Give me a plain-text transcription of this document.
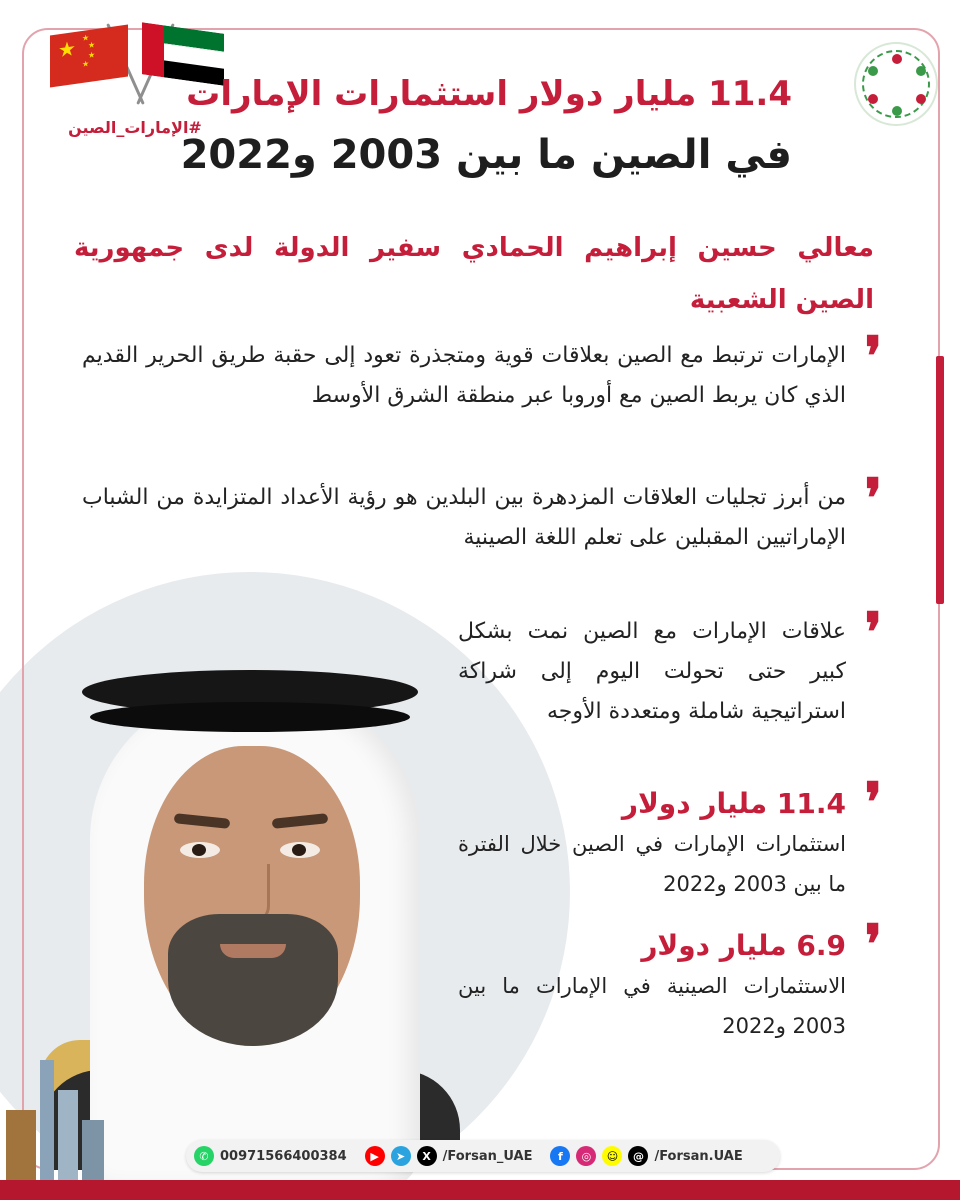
★ ★
★
★
★
#الإمارات_الصين
11.4 مليار دولار استثمارات الإمارات
في الصين ما بين 2003 و2022
معالي حسين إبراهيم الحمادي سفير الدولة لدى جمهورية الصين الشعبية
❜
الإمارات ترتبط مع الصين بعلاقات قوية ومتجذرة تعود إلى حقبة طريق الحرير القديم الذي كان يربط الصين مع أوروبا عبر منطقة الشرق الأوسط
❜
من أبرز تجليات العلاقات المزدهرة بين البلدين هو رؤية الأعداد المتزايدة من الشباب الإماراتيين المقبلين على تعلم اللغة الصينية
❜
علاقات الإمارات مع الصين نمت بشكل كبير حتى تحولت اليوم إلى شراكة استراتيجية شاملة ومتعددة الأوجه
❜
11.4 مليار دولار
استثمارات الإمارات في الصين خلال الفترة ما بين 2003 و2022
❜
6.9 مليار دولار
الاستثمارات الصينية في الإمارات ما بين 2003 و2022
✆ 00971566400384	▶	➤	X /Forsan_UAE	f	◎	☺	@ /Forsan.UAE
